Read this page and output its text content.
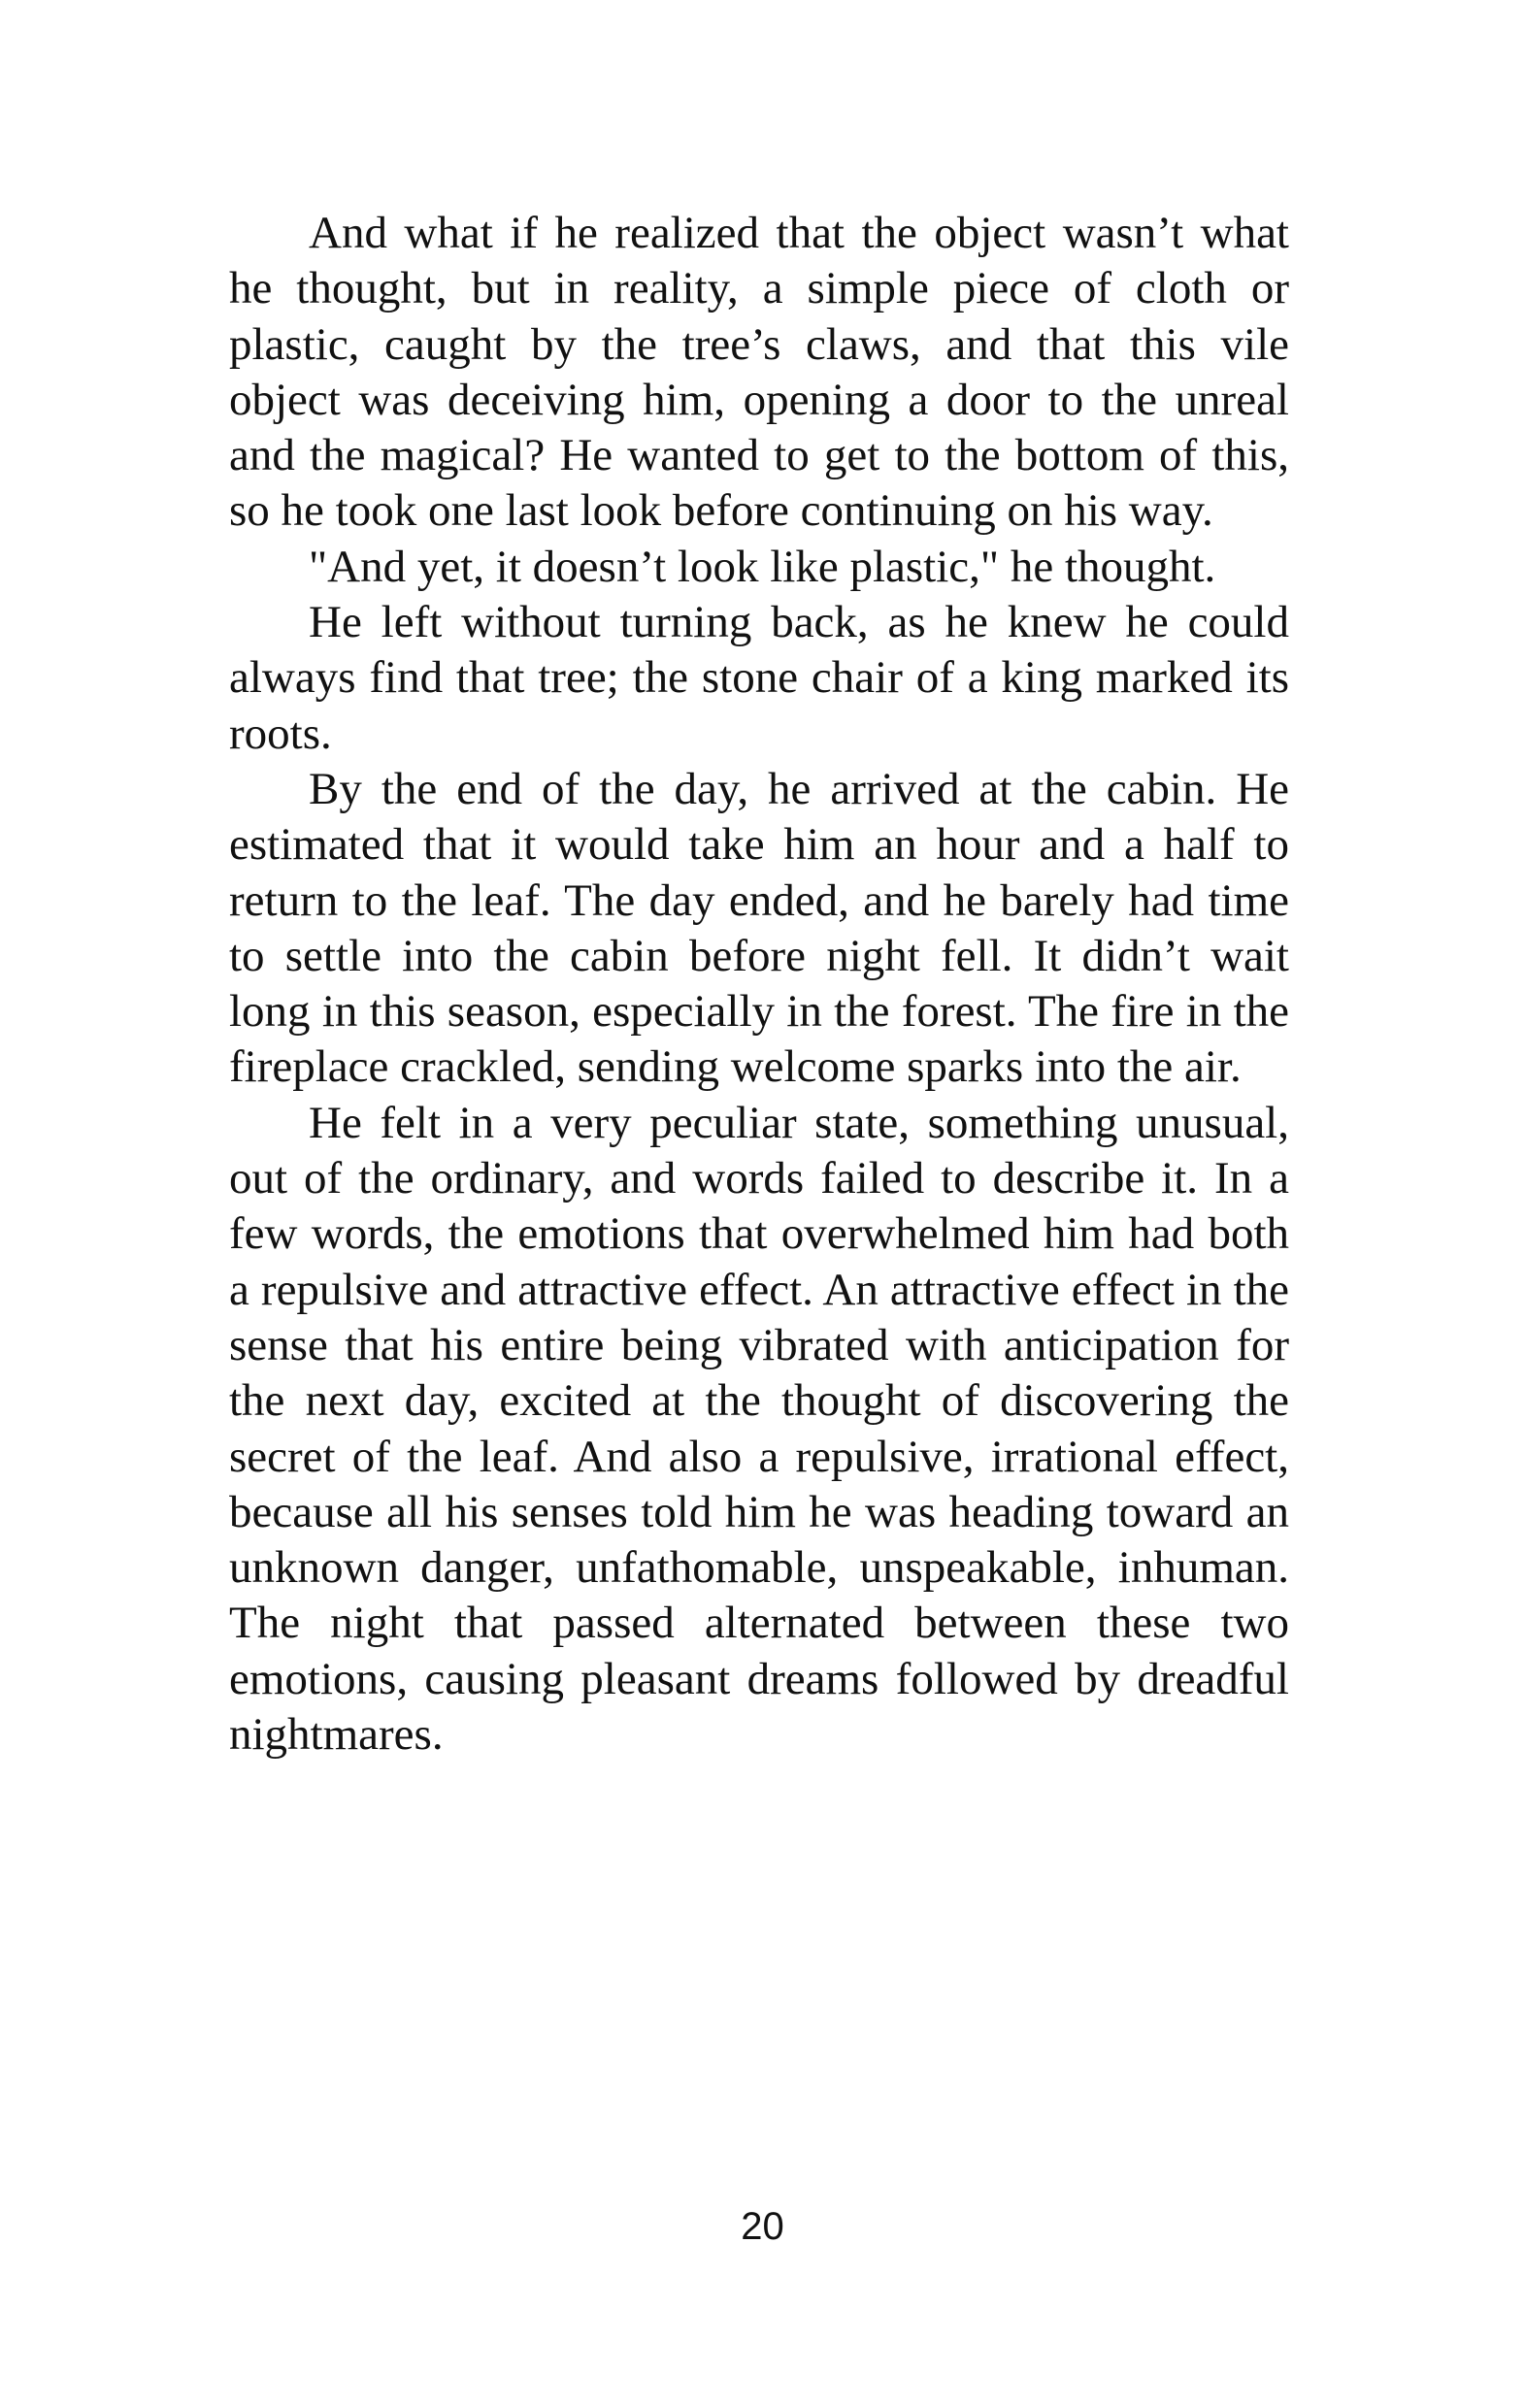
And what if he realized that the object wasn’t what he thought, but in reality, a simple piece of cloth or plastic, caught by the tree’s claws, and that this vile object was deceiving him, opening a door to the unreal and the magical? He wanted to get to the bottom of this, so he took one last look before continuing on his way.

"And yet, it doesn’t look like plastic," he thought.

He left without turning back, as he knew he could always find that tree; the stone chair of a king marked its roots.

By the end of the day, he arrived at the cabin. He estimated that it would take him an hour and a half to return to the leaf. The day ended, and he barely had time to settle into the cabin before night fell. It didn’t wait long in this season, especially in the forest. The fire in the fireplace crackled, sending welcome sparks into the air.

He felt in a very peculiar state, something unusual, out of the ordinary, and words failed to describe it. In a few words, the emotions that overwhelmed him had both a repulsive and attractive effect. An attractive effect in the sense that his entire being vibrated with anticipation for the next day, excited at the thought of discovering the secret of the leaf. And also a repulsive, irrational effect, because all his senses told him he was heading toward an unknown danger, unfathomable, unspeakable, inhuman. The night that passed alternated between these two emotions, causing pleasant dreams followed by dreadful nightmares.

20
